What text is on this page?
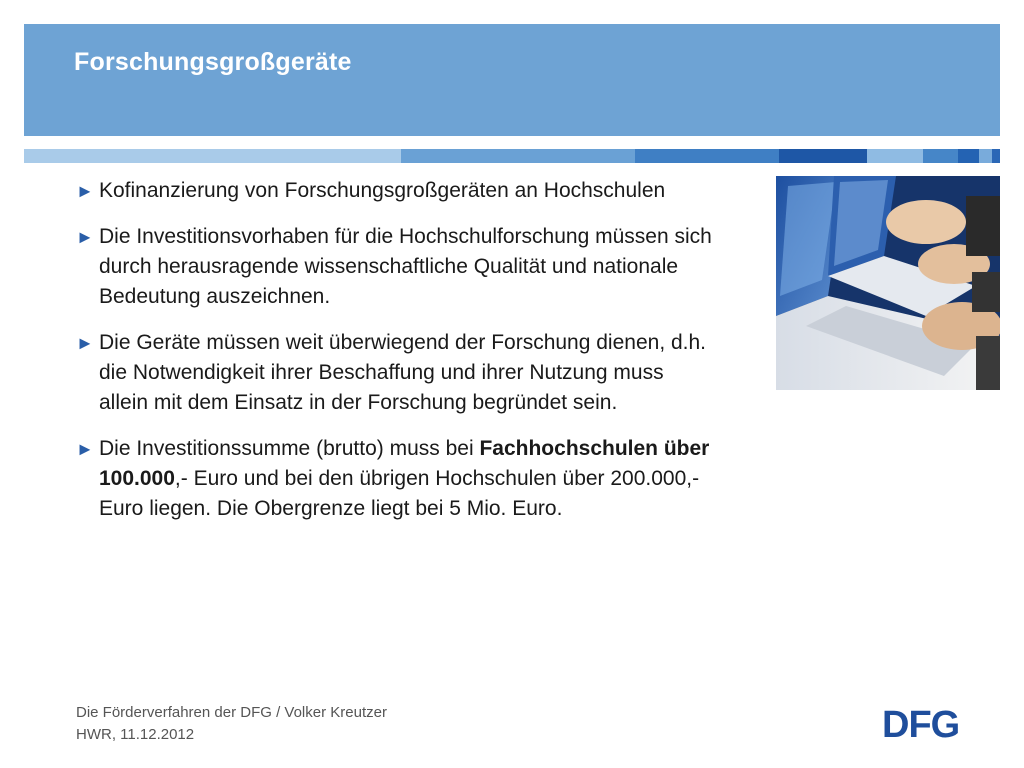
Forschungsgroßgeräte
► Kofinanzierung von Forschungsgroßgeräten an Hochschulen
► Die Investitionsvorhaben für die Hochschulforschung müssen sich durch herausragende wissenschaftliche Qualität und nationale Bedeutung auszeichnen.
► Die Geräte müssen weit überwiegend der Forschung dienen, d.h. die Notwendigkeit ihrer Beschaffung und ihrer Nutzung muss allein mit dem Einsatz in der Forschung begründet sein.
► Die Investitionssumme (brutto) muss bei Fachhochschulen über 100.000,- Euro und bei den übrigen Hochschulen über 200.000,- Euro liegen. Die Obergrenze liegt bei 5 Mio. Euro.
Die Förderverfahren der DFG / Volker Kreutzer
HWR, 11.12.2012	DFG
